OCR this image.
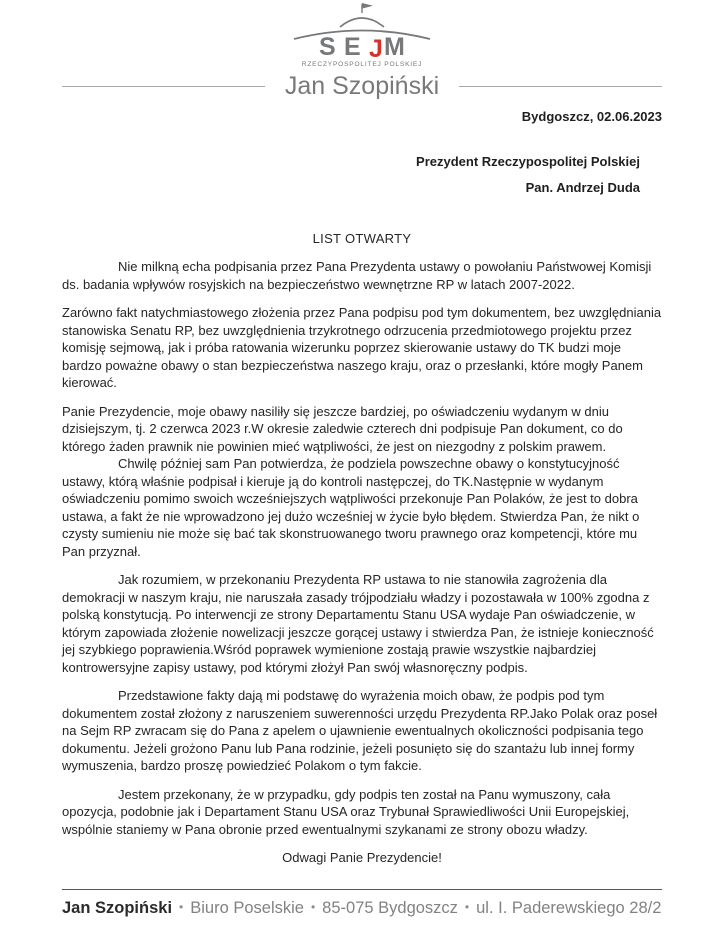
S E J M
RZECZYPOSPOLITEJ POLSKIEJ
Jan Szopiński
Bydgoszcz, 02.06.2023
Prezydent Rzeczypospolitej Polskiej
Pan. Andrzej Duda
LIST OTWARTY

Nie milkną echa podpisania przez Pana Prezydenta ustawy o powołaniu Państwowej Komisji ds. badania wpływów rosyjskich na bezpieczeństwo wewnętrzne RP w latach 2007-2022.

Zarówno fakt natychmiastowego złożenia przez Pana podpisu pod tym dokumentem, bez uwzględniania stanowiska Senatu RP, bez uwzględnienia trzykrotnego odrzucenia przedmiotowego projektu przez komisję sejmową, jak i próba ratowania wizerunku poprzez skierowanie ustawy do TK budzi moje bardzo poważne obawy o stan bezpieczeństwa naszego kraju, oraz o przesłanki, które mogły Panem kierować.

Panie Prezydencie, moje obawy nasiliły się jeszcze bardziej, po oświadczeniu wydanym w dniu dzisiejszym, tj. 2 czerwca 2023 r.W okresie zaledwie czterech dni podpisuje Pan dokument, co do którego żaden prawnik nie powinien mieć wątpliwości, że jest on niezgodny z polskim prawem.

Chwilę później sam Pan potwierdza, że podziela powszechne obawy o konstytucyjność ustawy, którą właśnie podpisał i kieruje ją do kontroli następczej, do TK.Następnie w wydanym oświadczeniu pomimo swoich wcześniejszych wątpliwości przekonuje Pan Polaków, że jest to dobra ustawa, a fakt że nie wprowadzono jej dużo wcześniej w życie było błędem. Stwierdza Pan, że nikt o czysty sumieniu nie może się bać tak skonstruowanego tworu prawnego oraz kompetencji, które mu Pan przyznał.

Jak rozumiem, w przekonaniu Prezydenta RP ustawa to nie stanowiła zagrożenia dla demokracji w naszym kraju, nie naruszała zasady trójpodziału władzy i pozostawała w 100% zgodna z polską konstytucją. Po interwencji ze strony Departamentu Stanu USA wydaje Pan oświadczenie, w którym zapowiada złożenie nowelizacji jeszcze gorącej ustawy i stwierdza Pan, że istnieje konieczność jej szybkiego poprawienia.Wśród poprawek wymienione zostają prawie wszystkie najbardziej kontrowersyjne zapisy ustawy, pod którymi złożył Pan swój własnoręczny podpis.

Przedstawione fakty dają mi podstawę do wyrażenia moich obaw, że podpis pod tym dokumentem został złożony z naruszeniem suwerenności urzędu Prezydenta RP.Jako Polak oraz poseł na Sejm RP zwracam się do Pana z apelem o ujawnienie ewentualnych okoliczności podpisania tego dokumentu. Jeżeli grożono Panu lub Pana rodzinie, jeżeli posunięto się do szantażu lub innej formy wymuszenia, bardzo proszę powiedzieć Polakom o tym fakcie.

Jestem przekonany, że w przypadku, gdy podpis ten został na Panu wymuszony, cała opozycja, podobnie jak i Departament Stanu USA oraz Trybunał Sprawiedliwości Unii Europejskiej, wspólnie staniemy w Pana obronie przed ewentualnymi szykanami ze strony obozu władzy.

Odwagi Panie Prezydencie!
Jan Szopiński • Biuro Poselskie • 85-075 Bydgoszcz • ul. I. Paderewskiego 28/2
